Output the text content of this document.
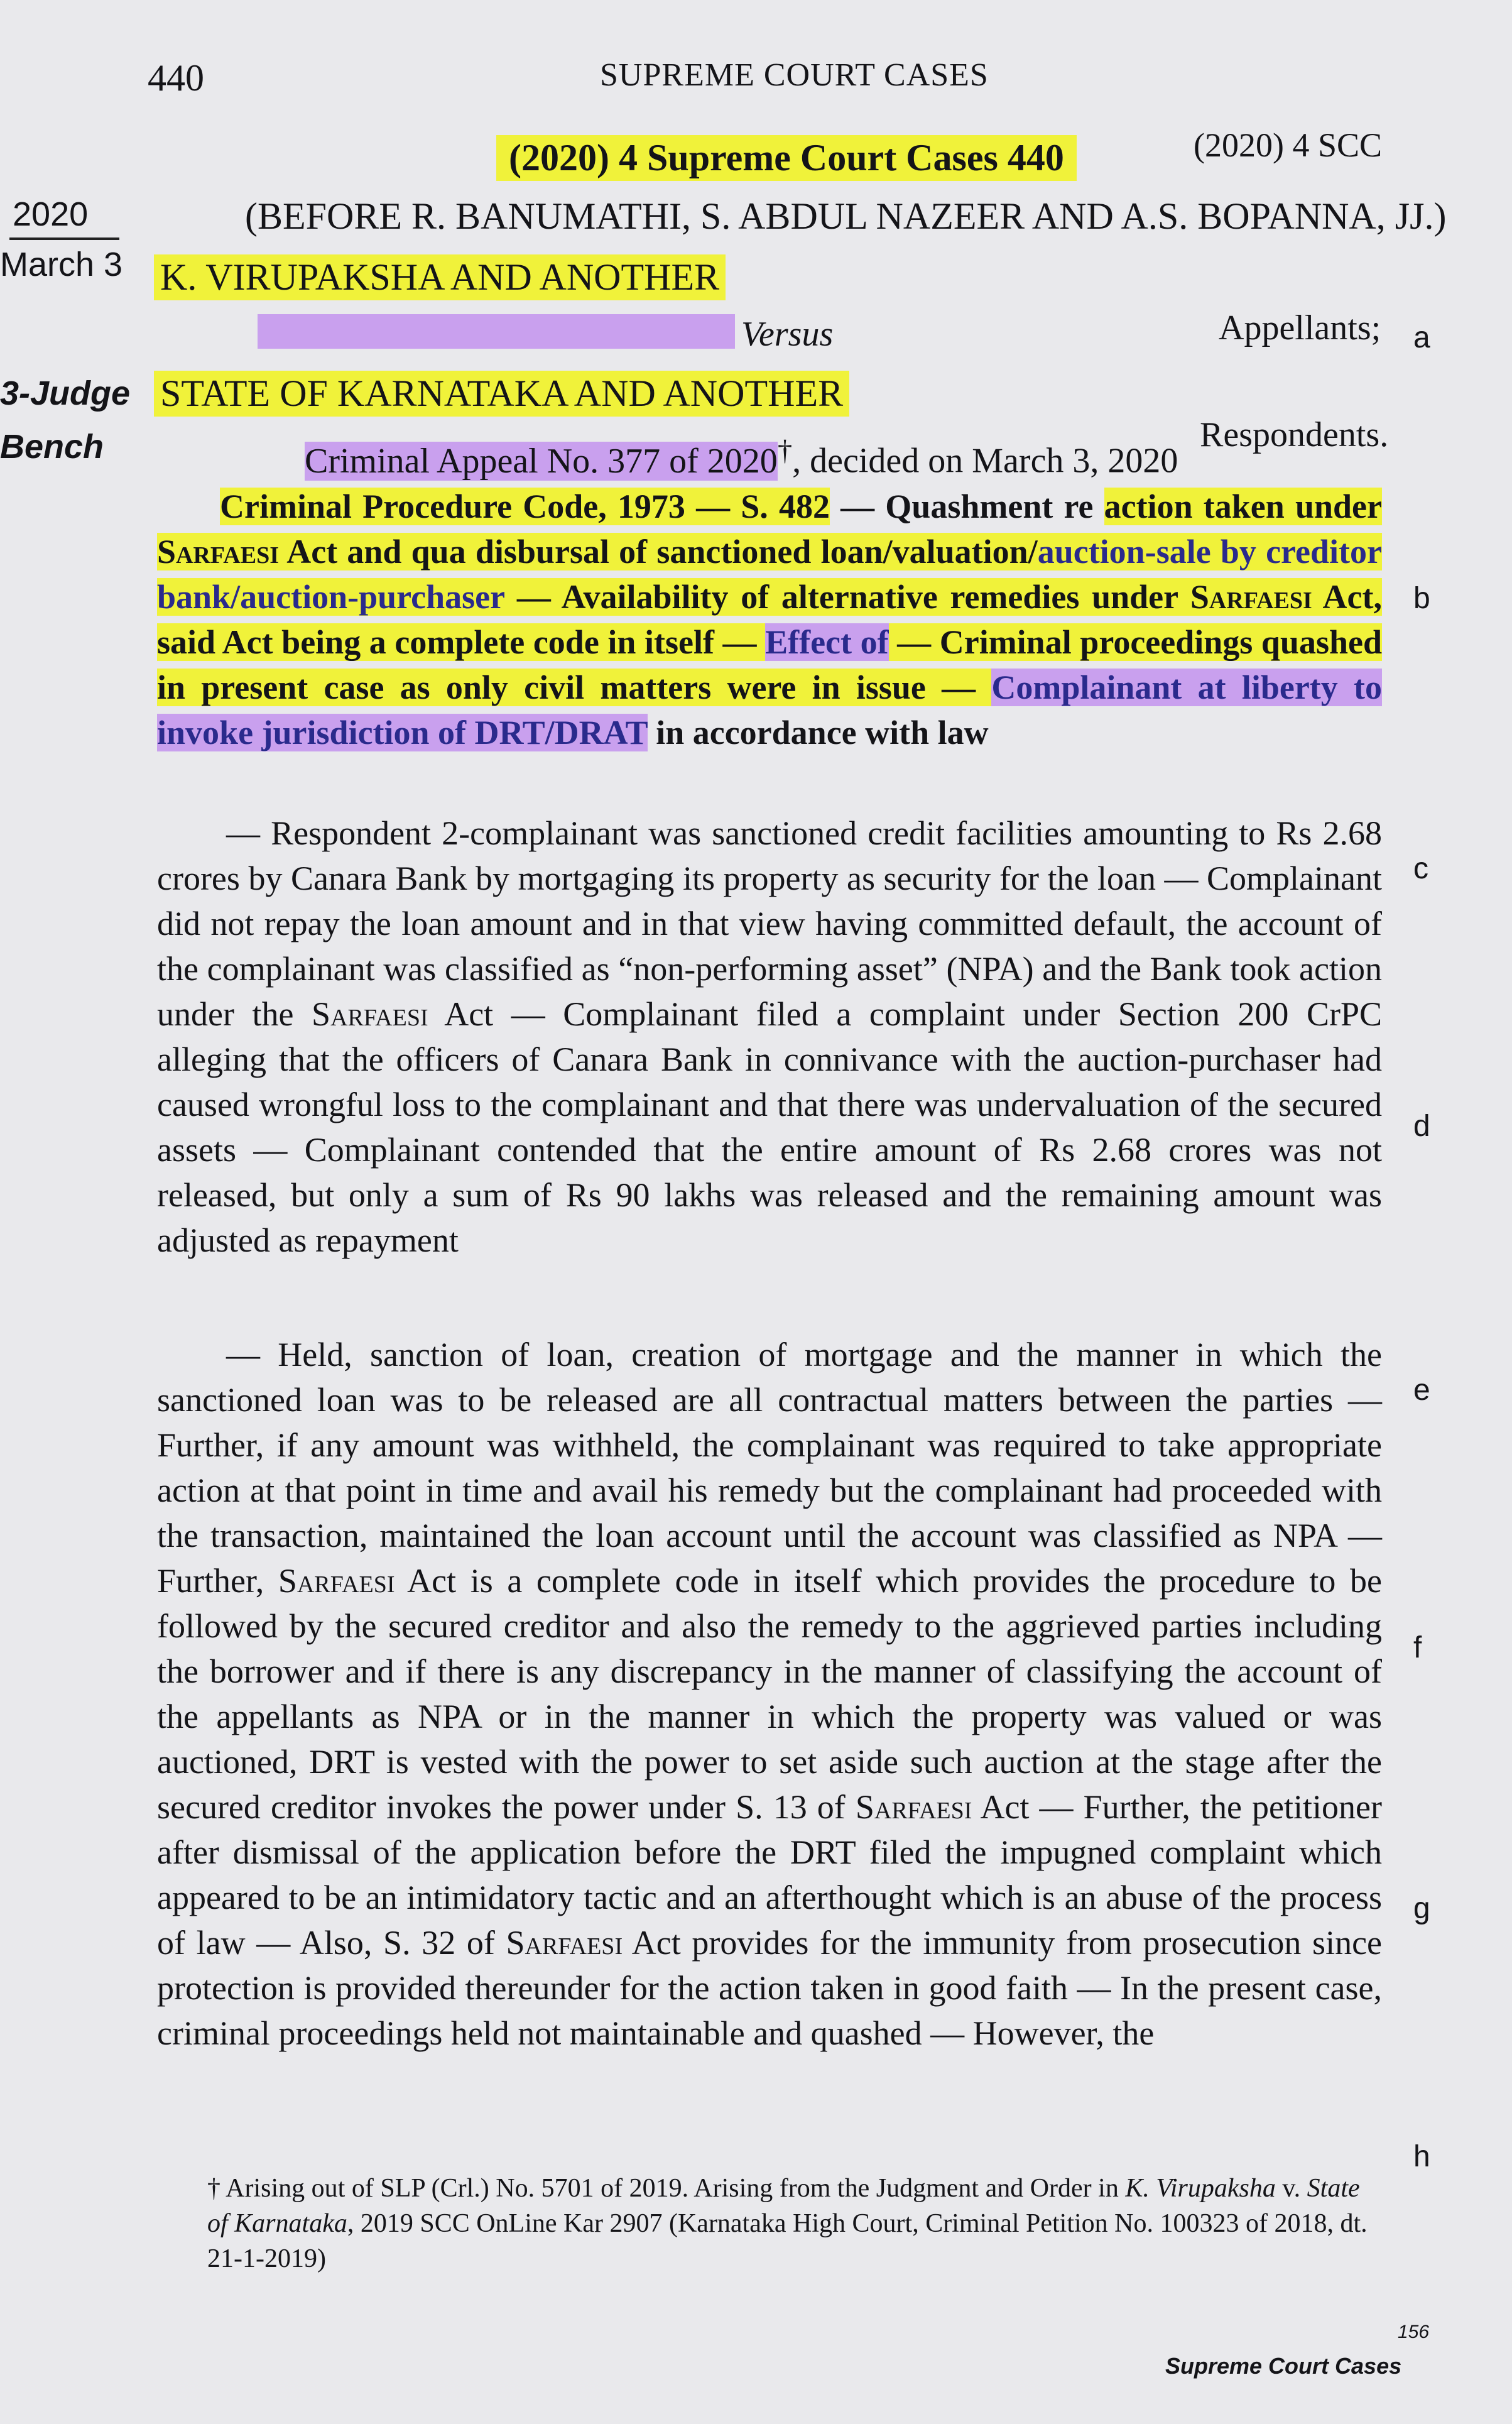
440	SUPREME COURT CASES
(2020) 4 SCC
(2020) 4 Supreme Court Cases 440
2020
March 3
3-Judge
Bench
(BEFORE R. BANUMATHI, S. ABDUL NAZEER AND A.S. BOPANNA, JJ.)
K. VIRUPAKSHA AND ANOTHER
Versus	Appellants;
STATE OF KARNATAKA AND ANOTHER
Respondents.
Criminal Appeal No. 377 of 2020†, decided on March 3, 2020
Criminal Procedure Code, 1973 — S. 482 — Quashment re action taken under Sarfaesi Act and qua disbursal of sanctioned loan/valuation/auction-sale by creditor bank/auction-purchaser — Availability of alternative remedies under Sarfaesi Act, said Act being a complete code in itself — Effect of — Criminal proceedings quashed in present case as only civil matters were in issue — Complainant at liberty to invoke jurisdiction of DRT/DRAT in accordance with law
— Respondent 2-complainant was sanctioned credit facilities amounting to Rs 2.68 crores by Canara Bank by mortgaging its property as security for the loan — Complainant did not repay the loan amount and in that view having committed default, the account of the complainant was classified as “non-performing asset” (NPA) and the Bank took action under the Sarfaesi Act — Complainant filed a complaint under Section 200 CrPC alleging that the officers of Canara Bank in connivance with the auction-purchaser had caused wrongful loss to the complainant and that there was undervaluation of the secured assets — Complainant contended that the entire amount of Rs 2.68 crores was not released, but only a sum of Rs 90 lakhs was released and the remaining amount was adjusted as repayment
— Held, sanction of loan, creation of mortgage and the manner in which the sanctioned loan was to be released are all contractual matters between the parties — Further, if any amount was withheld, the complainant was required to take appropriate action at that point in time and avail his remedy but the complainant had proceeded with the transaction, maintained the loan account until the account was classified as NPA — Further, Sarfaesi Act is a complete code in itself which provides the procedure to be followed by the secured creditor and also the remedy to the aggrieved parties including the borrower and if there is any discrepancy in the manner of classifying the account of the appellants as NPA or in the manner in which the property was valued or was auctioned, DRT is vested with the power to set aside such auction at the stage after the secured creditor invokes the power under S. 13 of Sarfaesi Act — Further, the petitioner after dismissal of the application before the DRT filed the impugned complaint which appeared to be an intimidatory tactic and an afterthought which is an abuse of the process of law — Also, S. 32 of Sarfaesi Act provides for the immunity from prosecution since protection is provided thereunder for the action taken in good faith — In the present case, criminal proceedings held not maintainable and quashed — However, the
† Arising out of SLP (Crl.) No. 5701 of 2019. Arising from the Judgment and Order in K. Virupaksha v. State of Karnataka, 2019 SCC OnLine Kar 2907 (Karnataka High Court, Criminal Petition No. 100323 of 2018, dt. 21-1-2019)
a
b
c
d
e
f
g
h
156
Supreme Court Cases
